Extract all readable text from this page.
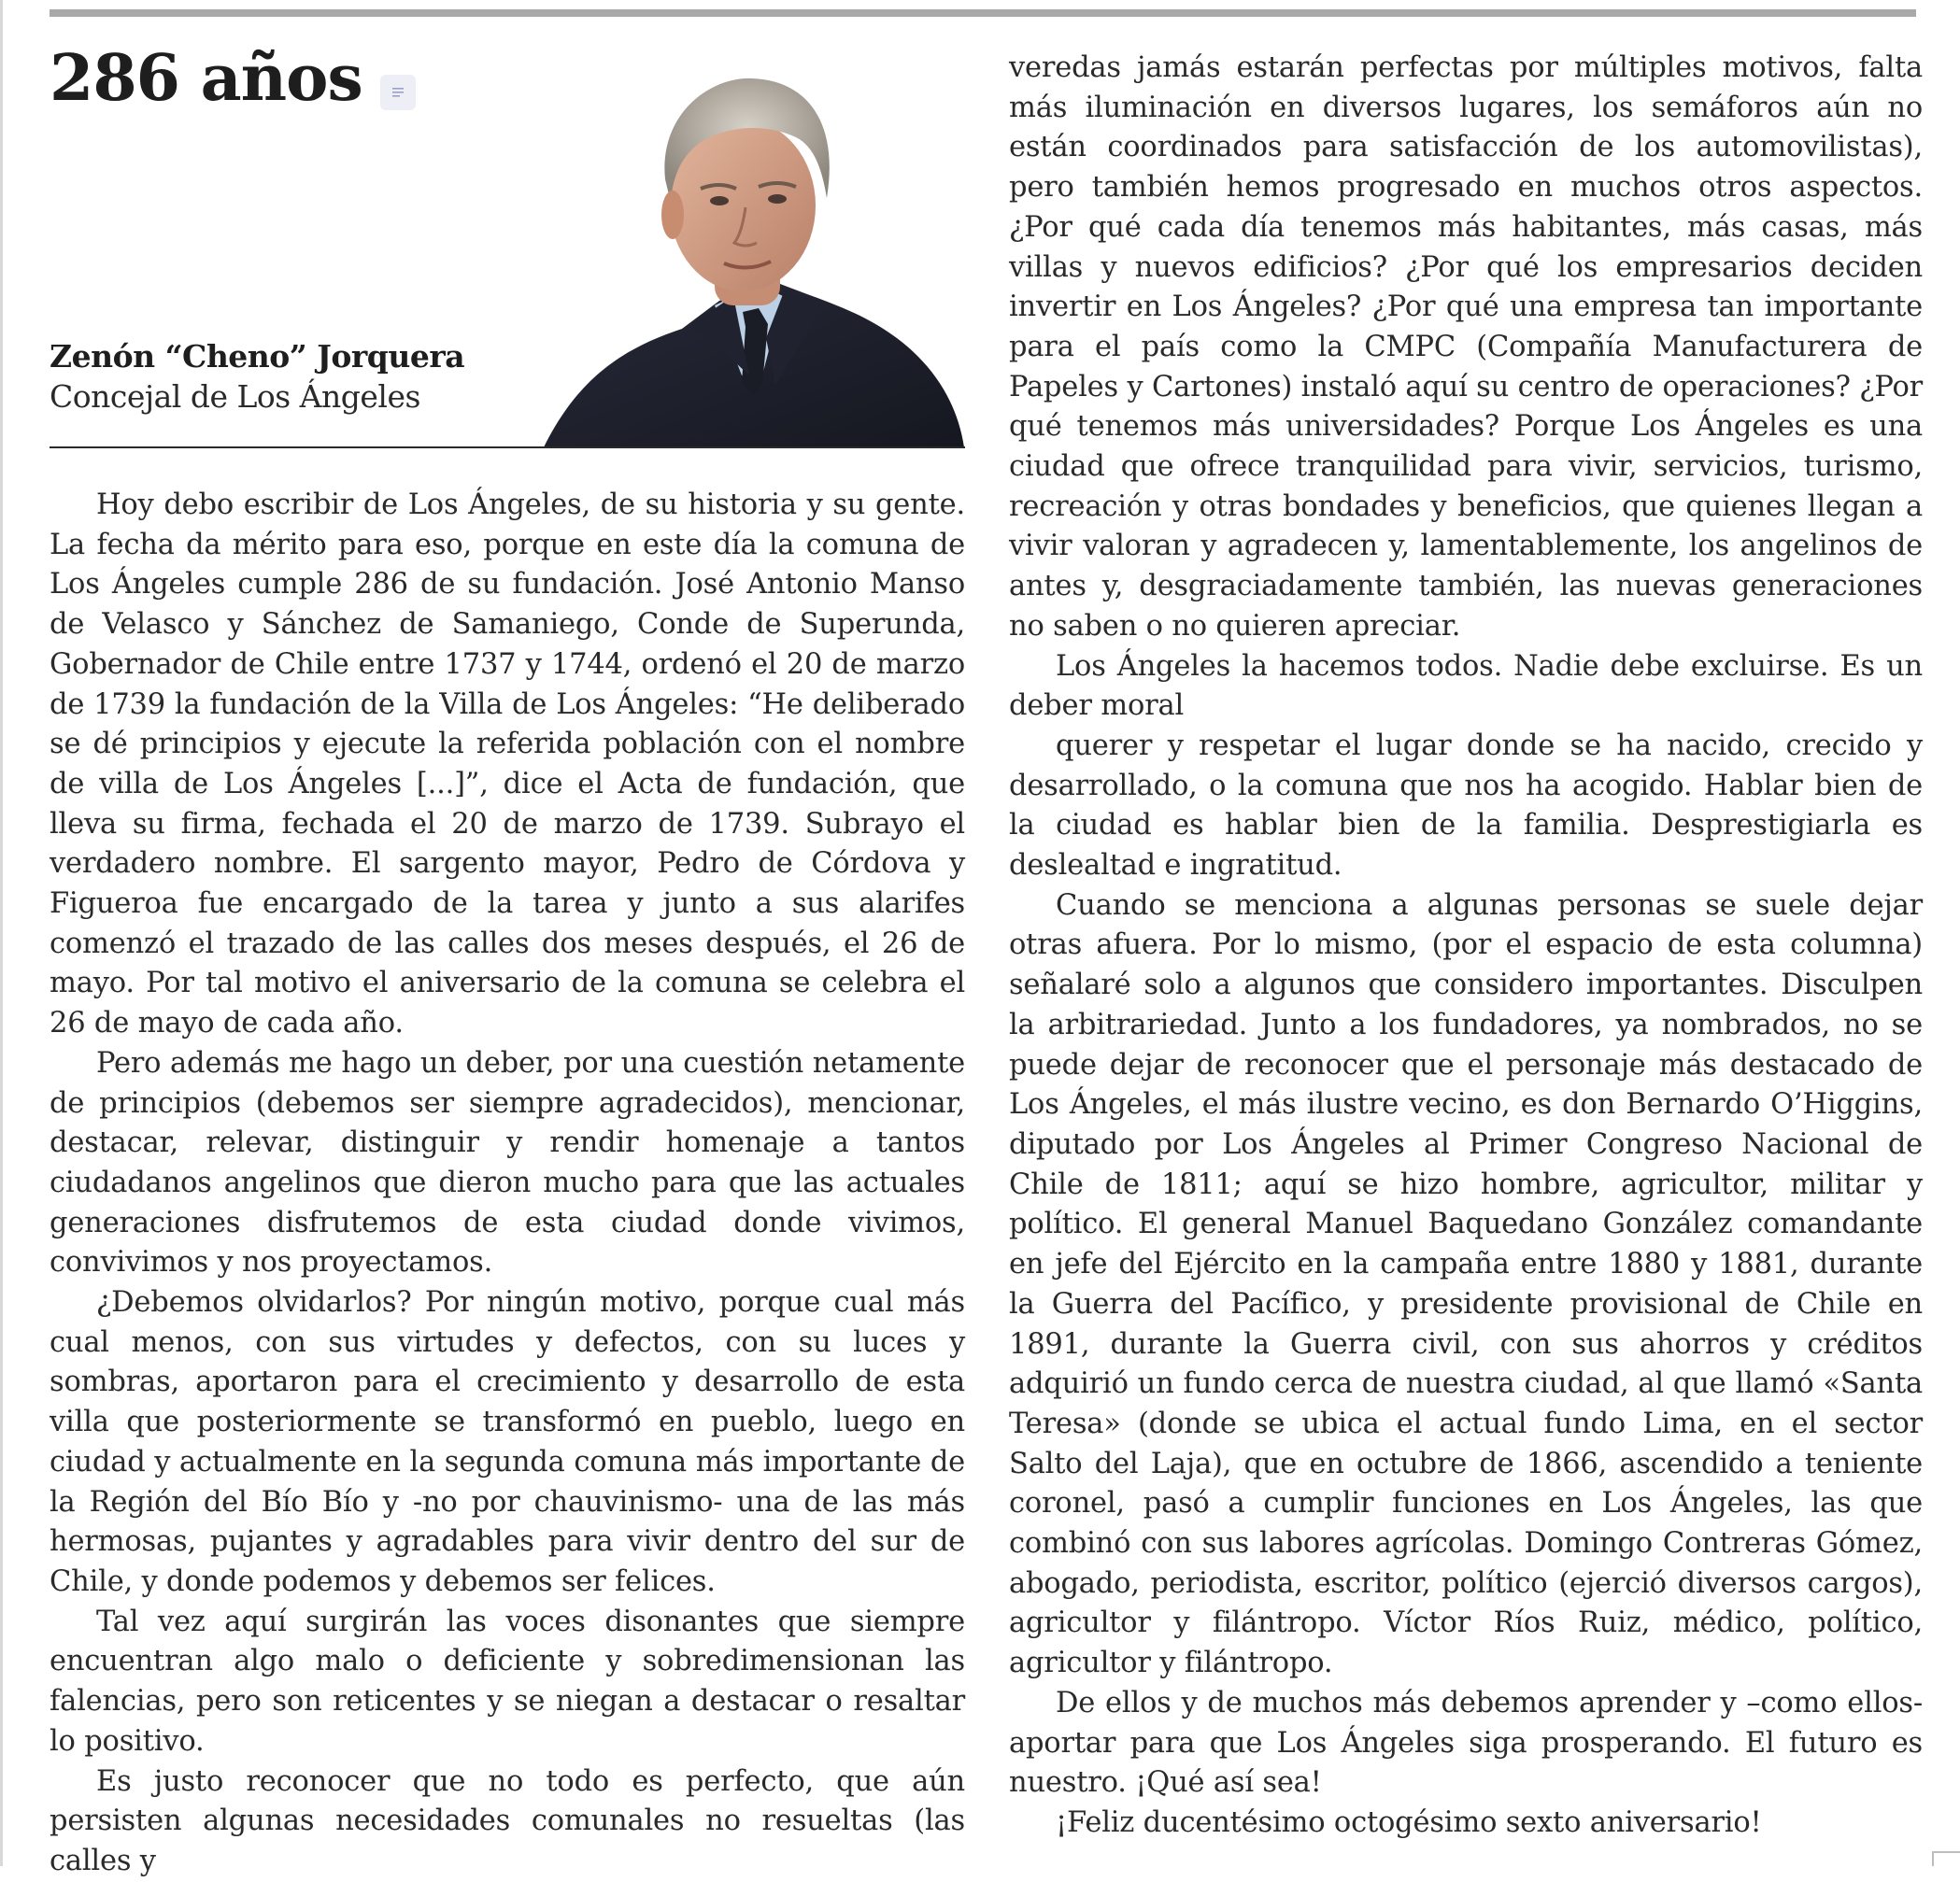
286 años

Zenón “Cheno” Jorquera

Concejal de Los Ángeles

Hoy debo escribir de Los Ángeles, de su historia y su gente. La fecha da mérito para eso, porque en este día la comuna de Los Ángeles cumple 286 de su fundación. José Antonio Manso de Velasco y Sánchez de Samaniego, Conde de Superunda, Gobernador de Chile entre 1737 y 1744, ordenó el 20 de marzo de 1739 la fundación de la Villa de Los Ángeles: “He deliberado se dé principios y ejecute la referida población con el nombre de villa de Los Ángeles [...]”, dice el Acta de fundación, que lleva su firma, fechada el 20 de marzo de 1739. Subrayo el verdadero nombre. El sargento mayor, Pedro de Córdova y Figueroa fue encargado de la tarea y junto a sus alarifes comenzó el trazado de las calles dos meses después, el 26 de mayo. Por tal motivo el aniversario de la comuna se celebra el 26 de mayo de cada año.

Pero además me hago un deber, por una cuestión netamente de principios (debemos ser siempre agradecidos), mencionar, destacar, relevar, distinguir y rendir homenaje a tantos ciudadanos angelinos que dieron mucho para que las actuales generaciones disfrutemos de esta ciudad donde vivimos, convivimos y nos proyectamos.

¿Debemos olvidarlos? Por ningún motivo, porque cual más cual menos, con sus virtudes y defectos, con su luces y sombras, aportaron para el crecimiento y desarrollo de esta villa que posteriormente se transformó en pueblo, luego en ciudad y actualmente en la segunda comuna más importante de la Región del Bío Bío y -no por chauvinismo- una de las más hermosas, pujantes y agradables para vivir dentro del sur de Chile, y donde podemos y debemos ser felices.

Tal vez aquí surgirán las voces disonantes que siempre encuentran algo malo o deficiente y sobredimensionan las falencias, pero son reticentes y se niegan a destacar o resaltar lo positivo.

Es justo reconocer que no todo es perfecto, que aún persisten algunas necesidades comunales no resueltas (las calles y

veredas jamás estarán perfectas por múltiples motivos, falta más iluminación en diversos lugares, los semáforos aún no están coordinados para satisfacción de los automovilistas), pero también hemos progresado en muchos otros aspectos. ¿Por qué cada día tenemos más habitantes, más casas, más villas y nuevos edificios? ¿Por qué los empresarios deciden invertir en Los Ángeles? ¿Por qué una empresa tan importante para el país como la CMPC (Compañía Manufacturera de Papeles y Cartones) instaló aquí su centro de operaciones? ¿Por qué tenemos más universidades? Porque Los Ángeles es una ciudad que ofrece tranquilidad para vivir, servicios, turismo, recreación y otras bondades y beneficios, que quienes llegan a vivir valoran y agradecen y, lamentablemente, los angelinos de antes y, desgraciadamente también, las nuevas generaciones no saben o no quieren apreciar.

Los Ángeles la hacemos todos. Nadie debe excluirse. Es un deber moral

querer y respetar el lugar donde se ha nacido, crecido y desarrollado, o la comuna que nos ha acogido. Hablar bien de la ciudad es hablar bien de la familia. Desprestigiarla es deslealtad e ingratitud.

Cuando se menciona a algunas personas se suele dejar otras afuera. Por lo mismo, (por el espacio de esta columna) señalaré solo a algunos que considero importantes. Disculpen la arbitrariedad. Junto a los fundadores, ya nombrados, no se puede dejar de reconocer que el personaje más destacado de Los Ángeles, el más ilustre vecino, es don Bernardo O’Higgins, diputado por Los Ángeles al Primer Congreso Nacional de Chile de 1811; aquí se hizo hombre, agricultor, militar y político. El general Manuel Baquedano González comandante en jefe del Ejército en la campaña entre 1880 y 1881, durante la Guerra del Pacífico, y presidente provisional de Chile en 1891, durante la Guerra civil, con sus ahorros y créditos adquirió un fundo cerca de nuestra ciudad, al que llamó «Santa Teresa» (donde se ubica el actual fundo Lima, en el sector Salto del Laja), que en octubre de 1866, ascendido a teniente coronel, pasó a cumplir funciones en Los Ángeles, las que combinó con sus labores agrícolas. Domingo Contreras Gómez, abogado, periodista, escritor, político (ejerció diversos cargos), agricultor y filántropo. Víctor Ríos Ruiz, médico, político, agricultor y filántropo.

De ellos y de muchos más debemos aprender y –como ellos- aportar para que Los Ángeles siga prosperando. El futuro es nuestro. ¡Qué así sea!

¡Feliz ducentésimo octogésimo sexto aniversario!
